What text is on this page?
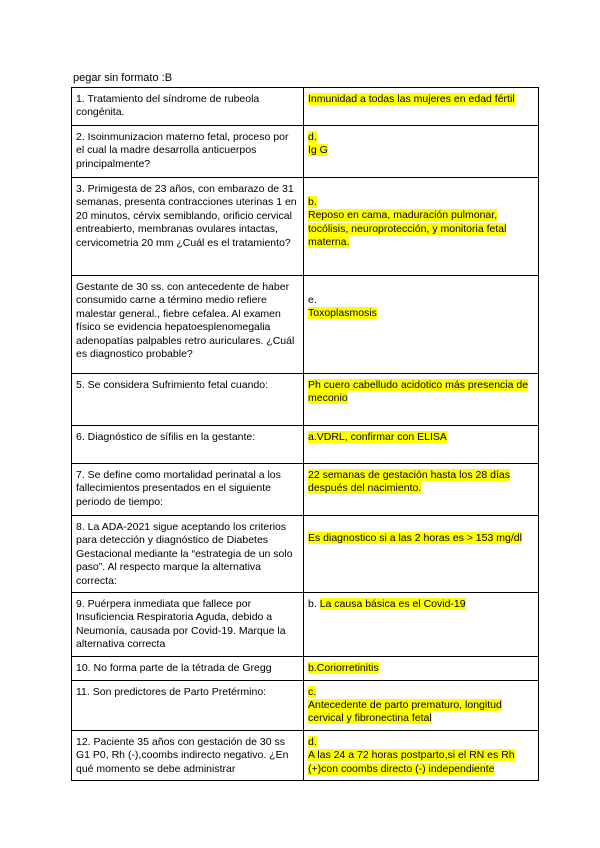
pegar sin formato :B
1. Tratamiento del síndrome de rubeola congénita.	Inmunidad a todas las mujeres en edad fértil
2. Isoinmunizacion materno fetal, proceso por el cual la madre desarrolla anticuerpos principalmente?	d.
Ig G
3. Primigesta de 23 años, con embarazo de 31 semanas, presenta contracciones uterinas 1 en 20 minutos, cérvix semiblando, orificio cervical entreabierto, membranas ovulares intactas, cervicometria 20 mm ¿Cuál es el tratamiento?	b.
Reposo en cama, maduración pulmonar, tocólisis, neuroprotección, y monitoria fetal materna.
Gestante de 30 ss. con antecedente de haber consumido carne a término medio refiere malestar general., fiebre cefalea. Al examen físico se evidencia hepatoesplenomegalia adenopatías palpables retro auriculares. ¿Cuál es diagnostico probable?	e.
Toxoplasmosis
5. Se considera Sufrimiento fetal cuando:	Ph cuero cabelludo acidotico más presencia de meconio
6. Diagnóstico de sífilis en la gestante:	a.VDRL, confirmar con ELISA
7. Se define como mortalidad perinatal a los fallecimientos presentados en el siguiente periodo de tiempo:	22 semanas de gestación hasta los 28 días después del nacimiento.
8. La ADA-2021 sigue aceptando los criterios para detección y diagnóstico de Diabetes Gestacional mediante la “estrategia de un solo paso”. Al respecto marque la alternativa correcta:	Es diagnostico si a las 2 horas es > 153 mg/dl
9. Puérpera inmediata que fallece por Insuficiencia Respiratoria Aguda, debido a Neumonía, causada por Covid-19. Marque la alternativa correcta	b. La causa básica es el Covid-19
10. No forma parte de la tétrada de Gregg	b.Coriorretinitis
11. Son predictores de Parto Pretérmino:	c.
Antecedente de parto prematuro, longitud cervical y fibronectina fetal
12. Paciente 35 años con gestación de 30 ss G1 P0, Rh (-),coombs indirecto negativo. ¿En qué momento se debe administrar	d.
A las 24 a 72 horas postparto,si el RN es Rh (+)con coombs directo (-) independiente
